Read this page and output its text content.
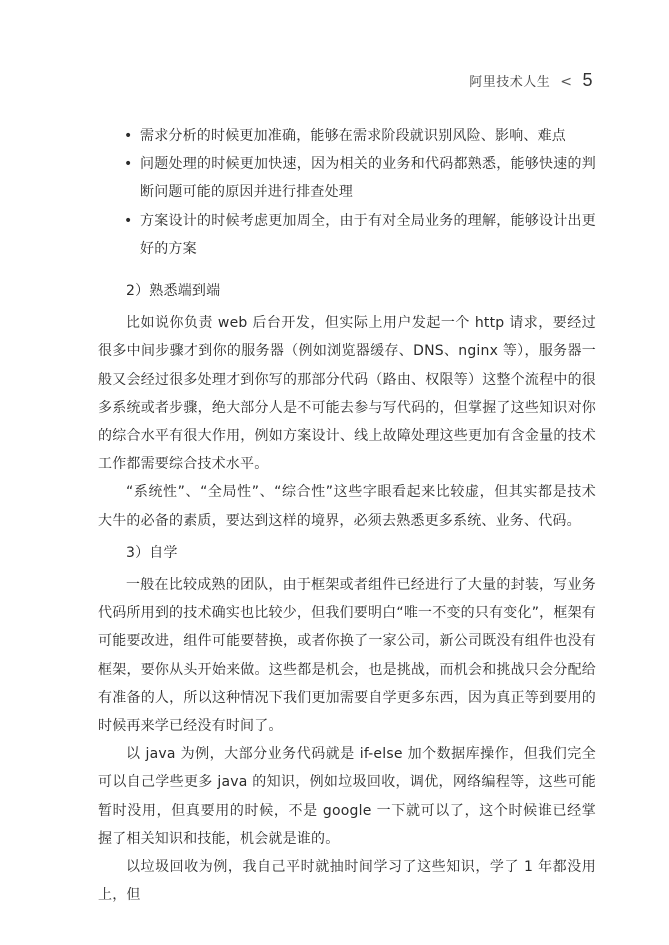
阿里技术人生 < 5
• 需求分析的时候更加准确，能够在需求阶段就识别风险、影响、难点
• 问题处理的时候更加快速，因为相关的业务和代码都熟悉，能够快速的判断问题可能的原因并进行排查处理
• 方案设计的时候考虑更加周全，由于有对全局业务的理解，能够设计出更好的方案
2）熟悉端到端

比如说你负责 web 后台开发，但实际上用户发起一个 http 请求，要经过很多中间步骤才到你的服务器（例如浏览器缓存、DNS、nginx 等），服务器一般又会经过很多处理才到你写的那部分代码（路由、权限等）这整个流程中的很多系统或者步骤，绝大部分人是不可能去参与写代码的，但掌握了这些知识对你的综合水平有很大作用，例如方案设计、线上故障处理这些更加有含金量的技术工作都需要综合技术水平。

“系统性”、“全局性”、“综合性”这些字眼看起来比较虚，但其实都是技术大牛的必备的素质，要达到这样的境界，必须去熟悉更多系统、业务、代码。

3）自学

一般在比较成熟的团队，由于框架或者组件已经进行了大量的封装，写业务代码所用到的技术确实也比较少，但我们要明白“唯一不变的只有变化”，框架有可能要改进，组件可能要替换，或者你换了一家公司，新公司既没有组件也没有框架，要你从头开始来做。这些都是机会，也是挑战，而机会和挑战只会分配给有准备的人，所以这种情况下我们更加需要自学更多东西，因为真正等到要用的时候再来学已经没有时间了。

以 java 为例，大部分业务代码就是 if-else 加个数据库操作，但我们完全可以自己学些更多 java 的知识，例如垃圾回收，调优，网络编程等，这些可能暂时没用，但真要用的时候，不是 google 一下就可以了，这个时候谁已经掌握了相关知识和技能，机会就是谁的。

以垃圾回收为例，我自己平时就抽时间学习了这些知识，学了 1 年都没用上，但
